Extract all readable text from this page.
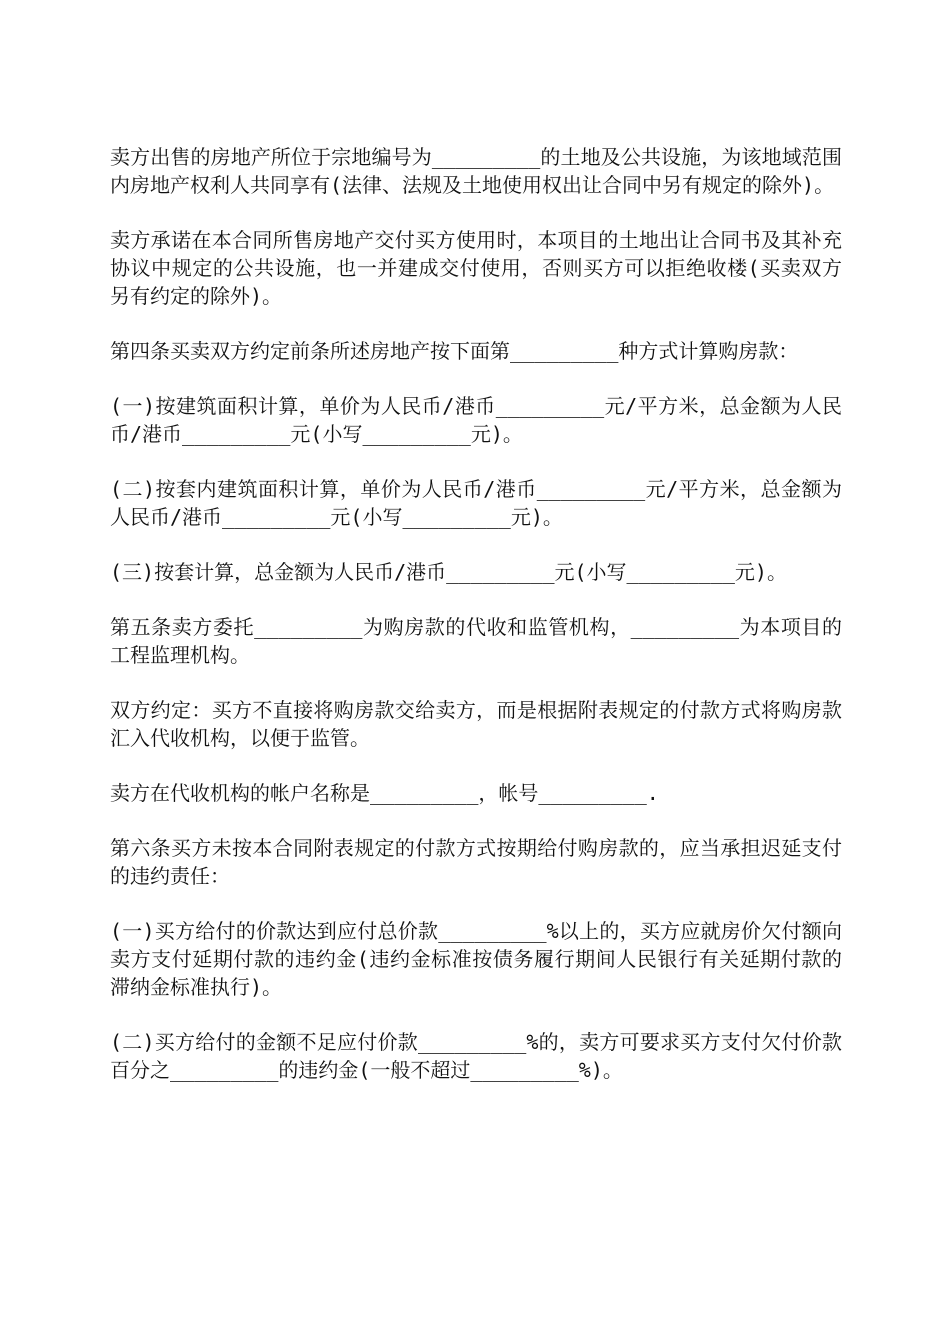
卖方出售的房地产所位于宗地编号为_________的土地及公共设施，为该地域范围内房地产权利人共同享有(法律、法规及土地使用权出让合同中另有规定的除外)。

卖方承诺在本合同所售房地产交付买方使用时，本项目的土地出让合同书及其补充协议中规定的公共设施，也一并建成交付使用，否则买方可以拒绝收楼(买卖双方另有约定的除外)。

第四条买卖双方约定前条所述房地产按下面第_________种方式计算购房款：

(一)按建筑面积计算，单价为人民币/港币_________元/平方米，总金额为人民币/港币_________元(小写_________元)。

(二)按套内建筑面积计算，单价为人民币/港币_________元/平方米，总金额为人民币/港币_________元(小写_________元)。

(三)按套计算，总金额为人民币/港币_________元(小写_________元)。

第五条卖方委托_________为购房款的代收和监管机构，_________为本项目的工程监理机构。

双方约定：买方不直接将购房款交给卖方，而是根据附表规定的付款方式将购房款汇入代收机构，以便于监管。

卖方在代收机构的帐户名称是_________，帐号_________.

第六条买方未按本合同附表规定的付款方式按期给付购房款的，应当承担迟延支付的违约责任：

(一)买方给付的价款达到应付总价款_________%以上的，买方应就房价欠付额向卖方支付延期付款的违约金(违约金标准按债务履行期间人民银行有关延期付款的滞纳金标准执行)。

(二)买方给付的金额不足应付价款_________%的，卖方可要求买方支付欠付价款百分之_________的违约金(一般不超过_________%)。
